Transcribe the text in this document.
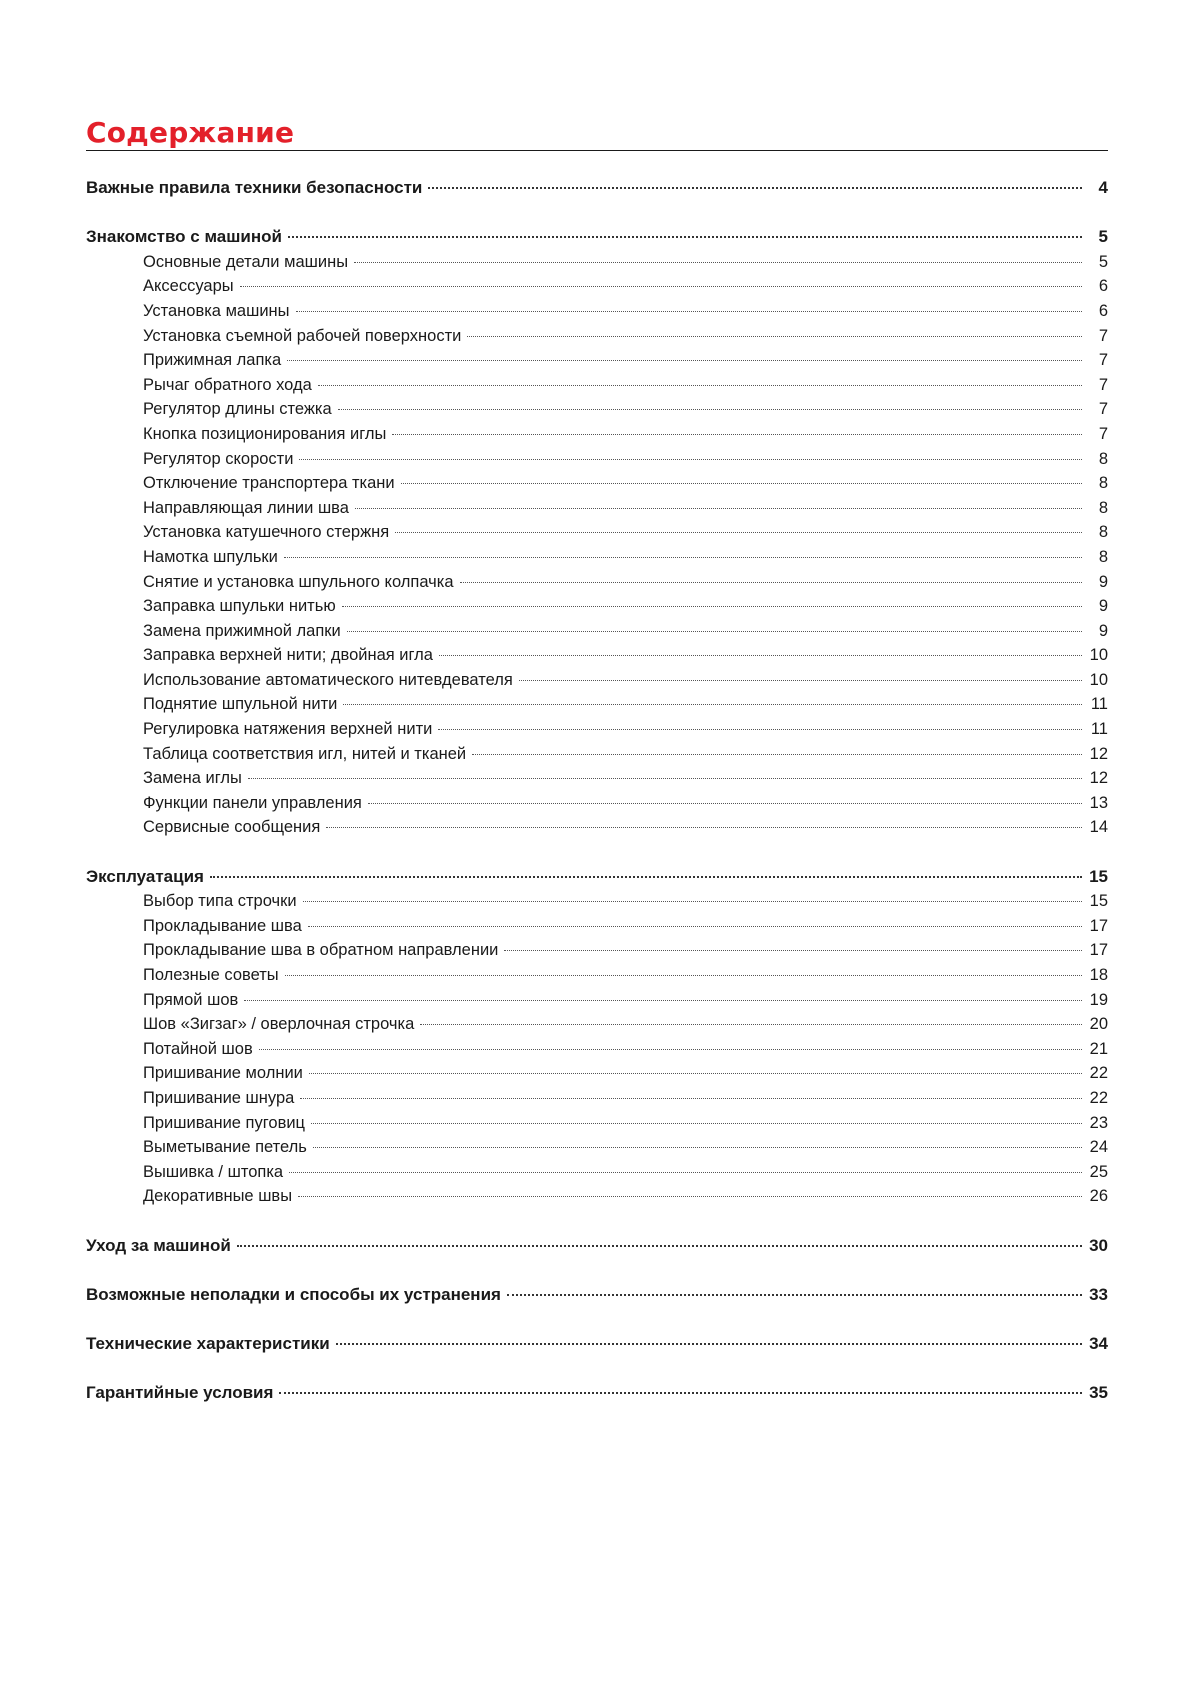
Содержание
Важные правила техники безопасности	4
Знакомство с машиной	5
Основные детали машины	5
Аксессуары	6
Установка машины	6
Установка съемной рабочей поверхности	7
Прижимная лапка	7
Рычаг обратного хода	7
Регулятор длины стежка	7
Кнопка позиционирования иглы	7
Регулятор скорости	8
Отключение транспортера ткани	8
Направляющая линии шва	8
Установка катушечного стержня	8
Намотка шпульки	8
Снятие и установка шпульного колпачка	9
Заправка шпульки нитью	9
Замена прижимной лапки	9
Заправка верхней нити; двойная игла	10
Использование автоматического нитевдевателя	10
Поднятие шпульной нити	11
Регулировка натяжения верхней нити	11
Таблица соответствия игл, нитей и тканей	12
Замена иглы	12
Функции панели управления	13
Сервисные сообщения	14
Эксплуатация	15
Выбор типа строчки	15
Прокладывание шва	17
Прокладывание шва в обратном направлении	17
Полезные советы	18
Прямой шов	19
Шов «Зигзаг» / оверлочная строчка	20
Потайной шов	21
Пришивание молнии	22
Пришивание шнура	22
Пришивание пуговиц	23
Выметывание петель	24
Вышивка / штопка	25
Декоративные швы	26
Уход за машиной	30
Возможные неполадки и способы их устранения	33
Технические характеристики	34
Гарантийные условия	35
